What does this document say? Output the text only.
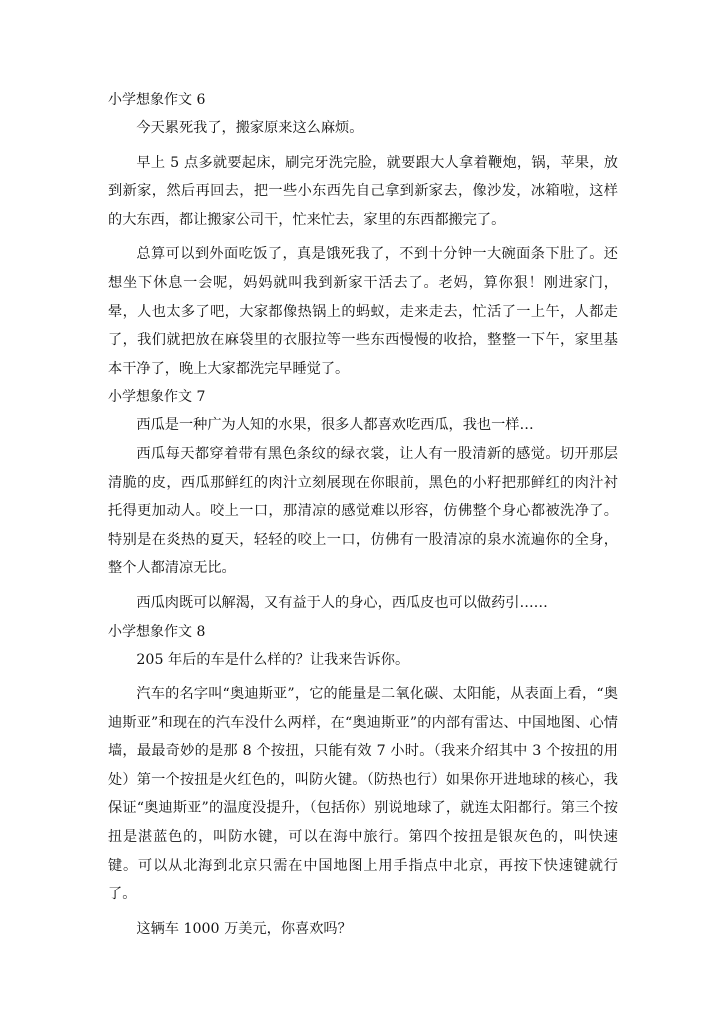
小学想象作文 6

今天累死我了，搬家原来这么麻烦。

早上 5 点多就要起床，刷完牙洗完脸，就要跟大人拿着鞭炮，锅，苹果，放到新家，然后再回去，把一些小东西先自己拿到新家去，像沙发，冰箱啦，这样的大东西，都让搬家公司干，忙来忙去，家里的东西都搬完了。

总算可以到外面吃饭了，真是饿死我了，不到十分钟一大碗面条下肚了。还想坐下休息一会呢，妈妈就叫我到新家干活去了。老妈，算你狠！刚进家门，晕，人也太多了吧，大家都像热锅上的蚂蚁，走来走去，忙活了一上午，人都走了，我们就把放在麻袋里的衣服拉等一些东西慢慢的收拾，整整一下午，家里基本干净了，晚上大家都洗完早睡觉了。

小学想象作文 7

西瓜是一种广为人知的水果，很多人都喜欢吃西瓜，我也一样…

西瓜每天都穿着带有黑色条纹的绿衣裳，让人有一股清新的感觉。切开那层清脆的皮，西瓜那鲜红的肉汁立刻展现在你眼前，黑色的小籽把那鲜红的肉汁衬托得更加动人。咬上一口，那清凉的感觉难以形容，仿佛整个身心都被洗净了。特别是在炎热的夏天，轻轻的咬上一口，仿佛有一股清凉的泉水流遍你的全身，整个人都清凉无比。

西瓜肉既可以解渴，又有益于人的身心，西瓜皮也可以做药引……

小学想象作文 8

205 年后的车是什么样的？让我来告诉你。

汽车的名字叫“奥迪斯亚”，它的能量是二氧化碳、太阳能，从表面上看，“奥迪斯亚”和现在的汽车没什么两样，在“奥迪斯亚”的内部有雷达、中国地图、心情墙，最最奇妙的是那 8 个按扭，只能有效 7 小时。（我来介绍其中 3 个按扭的用处）第一个按扭是火红色的，叫防火键。（防热也行）如果你开进地球的核心，我保证“奥迪斯亚”的温度没提升，（包括你）别说地球了，就连太阳都行。第三个按扭是湛蓝色的，叫防水键，可以在海中旅行。第四个按扭是银灰色的，叫快速键。可以从北海到北京只需在中国地图上用手指点中北京，再按下快速键就行了。

这辆车 1000 万美元，你喜欢吗？
